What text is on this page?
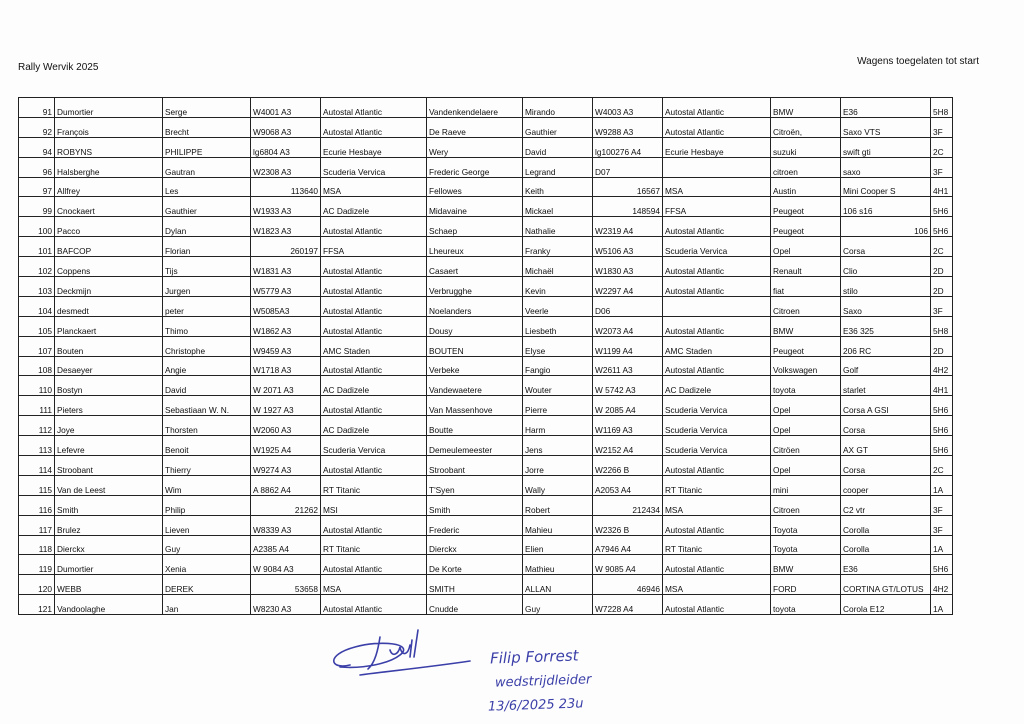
Rally Wervik 2025
Wagens toegelaten tot start
91	Dumortier	Serge	W4001 A3	Autostal Atlantic	Vandenkendelaere	Mirando	W4003 A3	Autostal Atlantic	BMW	E36	5H8
92	François	Brecht	W9068 A3	Autostal Atlantic	De Raeve	Gauthier	W9288 A3	Autostal Atlantic	Citroën,	Saxo VTS	3F
94	ROBYNS	PHILIPPE	lg6804 A3	Ecurie Hesbaye	Wery	David	lg100276 A4	Ecurie Hesbaye	suzuki	swift gti	2C
96	Halsberghe	Gautran	W2308 A3	Scuderia Vervica	Frederic George	Legrand	D07		citroen	saxo	3F
97	Allfrey	Les	113640	MSA	Fellowes	Keith	16567	MSA	Austin	Mini Cooper S	4H1
99	Cnockaert	Gauthier	W1933 A3	AC Dadizele	Midavaine	Mickael	148594	FFSA	Peugeot	106 s16	5H6
100	Pacco	Dylan	W1823 A3	Autostal Atlantic	Schaep	Nathalie	W2319 A4	Autostal Atlantic	Peugeot	106	5H6
101	BAFCOP	Florian	260197	FFSA	Lheureux	Franky	W5106 A3	Scuderia Vervica	Opel	Corsa	2C
102	Coppens	Tijs	W1831 A3	Autostal Atlantic	Casaert	Michaël	W1830 A3	Autostal Atlantic	Renault	Clio	2D
103	Deckmijn	Jurgen	W5779 A3	Autostal Atlantic	Verbrugghe	Kevin	W2297 A4	Autostal Atlantic	fiat	stilo	2D
104	desmedt	peter	W5085A3	Autostal Atlantic	Noelanders	Veerle	D06		Citroen	Saxo	3F
105	Planckaert	Thimo	W1862 A3	Autostal Atlantic	Dousy	Liesbeth	W2073 A4	Autostal Atlantic	BMW	E36 325	5H8
107	Bouten	Christophe	W9459 A3	AMC Staden	BOUTEN	Elyse	W1199 A4	AMC Staden	Peugeot	206 RC	2D
108	Desaeyer	Angie	W1718 A3	Autostal Atlantic	Verbeke	Fangio	W2611 A3	Autostal Atlantic	Volkswagen	Golf	4H2
110	Bostyn	David	W 2071 A3	AC Dadizele	Vandewaetere	Wouter	W 5742 A3	AC Dadizele	toyota	starlet	4H1
111	Pieters	Sebastiaan W. N.	W 1927 A3	Autostal Atlantic	Van Massenhove	Pierre	W 2085 A4	Scuderia Vervica	Opel	Corsa A GSI	5H6
112	Joye	Thorsten	W2060 A3	AC Dadizele	Boutte	Harm	W1169 A3	Scuderia Vervica	Opel	Corsa	5H6
113	Lefevre	Benoit	W1925 A4	Scuderia Vervica	Demeulemeester	Jens	W2152 A4	Scuderia Vervica	Citröen	AX GT	5H6
114	Stroobant	Thierry	W9274 A3	Autostal Atlantic	Stroobant	Jorre	W2266 B	Autostal Atlantic	Opel	Corsa	2C
115	Van de Leest	Wim	A 8862 A4	RT Titanic	T'Syen	Wally	A2053 A4	RT Titanic	mini	cooper	1A
116	Smith	Philip	21262	MSI	Smith	Robert	212434	MSA	Citroen	C2 vtr	3F
117	Brulez	Lieven	W8339 A3	Autostal Atlantic	Frederic	Mahieu	W2326 B	Autostal Atlantic	Toyota	Corolla	3F
118	Dierckx	Guy	A2385 A4	RT Titanic	Dierckx	Elien	A7946 A4	RT Titanic	Toyota	Corolla	1A
119	Dumortier	Xenia	W 9084 A3	Autostal Atlantic	De Korte	Mathieu	W 9085 A4	Autostal Atlantic	BMW	E36	5H6
120	WEBB	DEREK	53658	MSA	SMITH	ALLAN	46946	MSA	FORD	CORTINA GT/LOTUS	4H2
121	Vandoolaghe	Jan	W8230 A3	Autostal Atlantic	Cnudde	Guy	W7228 A4	Autostal Atlantic	toyota	Corola E12	1A
Filip Forrest
wedstrijdleider
13/6/2025 23u
